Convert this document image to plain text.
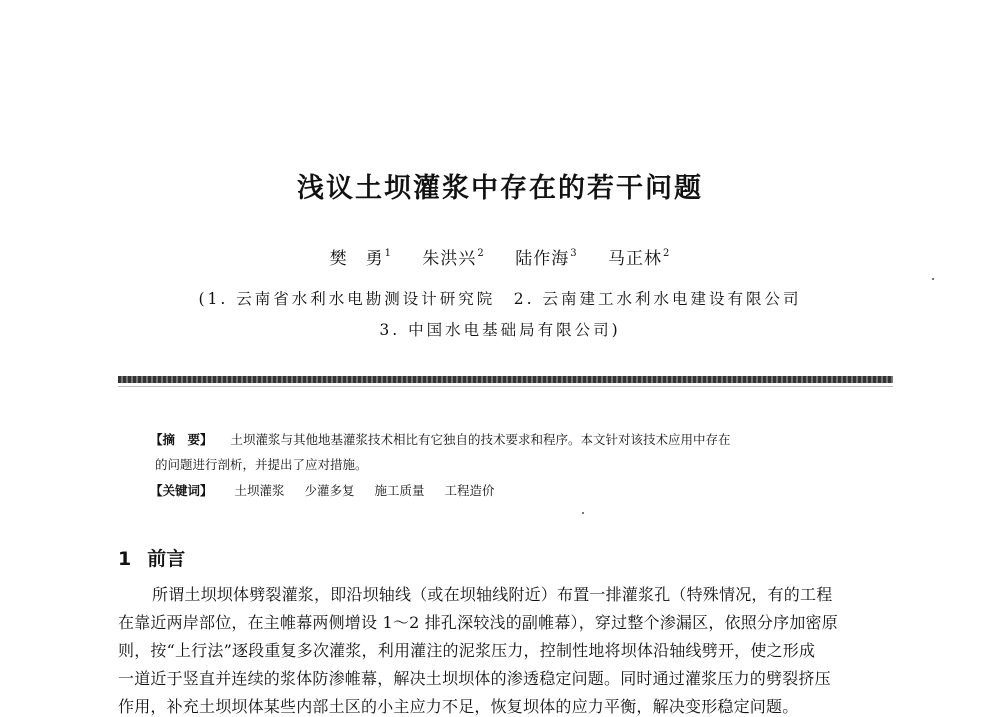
浅议土坝灌浆中存在的若干问题
樊　勇$^1$ 朱洪兴$^2$ 陆作海$^3$ 马正林$^2$
(1. 云南省水利水电勘测设计研究院　2. 云南建工水利水电建设有限公司
3. 中国水电基础局有限公司)
【摘　要】 土坝灌浆与其他地基灌浆技术相比有它独自的技术要求和程序。本文针对该技术应用中存在
的问题进行剖析，并提出了应对措施。
【关键词】 土坝灌浆 少灌多复 施工质量 工程造价
1 前言
所谓土坝坝体劈裂灌浆，即沿坝轴线（或在坝轴线附近）布置一排灌浆孔（特殊情况，有的工程
在靠近两岸部位，在主帷幕两侧增设 1～2 排孔深较浅的副帷幕），穿过整个渗漏区，依照分序加密原
则，按“上行法”逐段重复多次灌浆，利用灌注的泥浆压力，控制性地将坝体沿轴线劈开，使之形成
一道近于竖直并连续的浆体防渗帷幕，解决土坝坝体的渗透稳定问题。同时通过灌浆压力的劈裂挤压
作用，补充土坝坝体某些内部土区的小主应力不足，恢复坝体的应力平衡，解决变形稳定问题。
